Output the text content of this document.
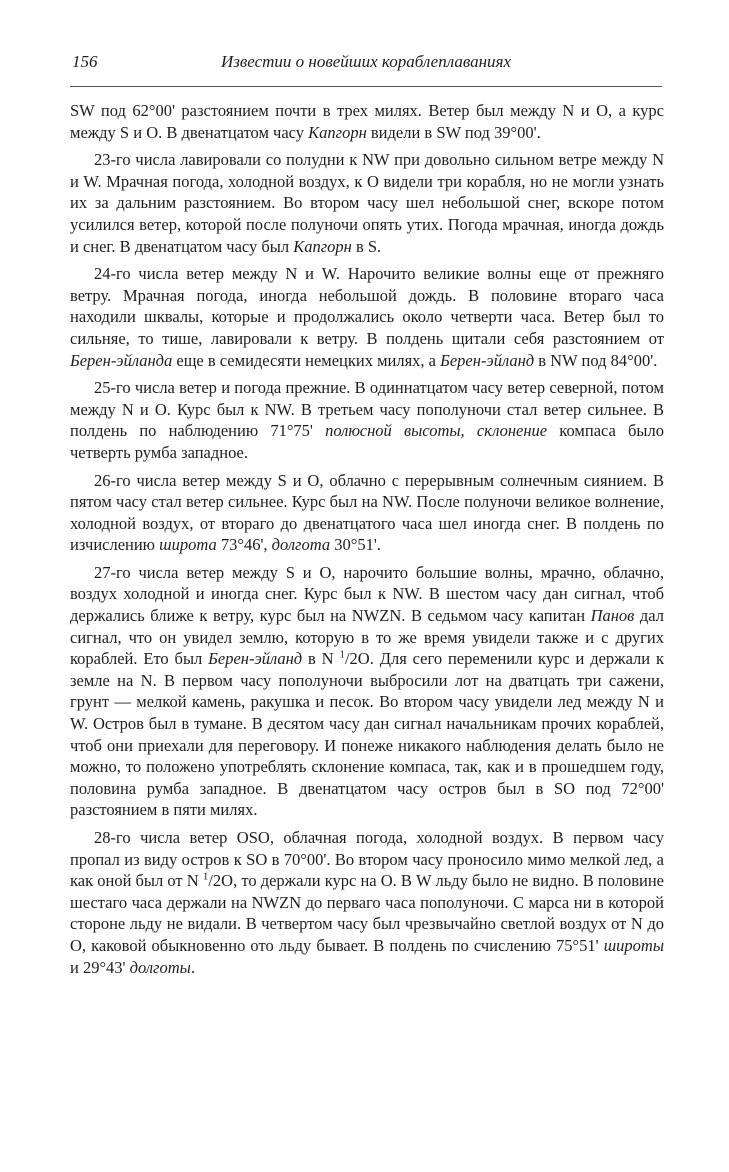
156	Известии о новейших кораблеплаваниях

SW под 62°00' разстоянием почти в трех милях. Ветер был между N и O, а курс между S и O. В двенатцатом часу Капгорн видели в SW под 39°00'.

23-го числа лавировали со полудни к NW при довольно сильном ветре между N и W. Мрачная погода, холодной воздух, к O видели три корабля, но не могли узнать их за дальним разстоянием. Во втором часу шел небольшой снег, вскоре потом усилился ветер, которой после полуночи опять утих. Погода мрачная, иногда дождь и снег. В двенатцатом часу был Капгорн в S.

24-го числа ветер между N и W. Нарочито великие волны еще от прежняго ветру. Мрачная погода, иногда небольшой дождь. В половине втораго часа находили шквалы, которые и продолжались около четверти часа. Ветер был то сильняе, то тише, лавировали к ветру. В полдень щитали себя разстоянием от Берен-эйланда еще в семидесяти немецких милях, а Берен-эйланд в NW под 84°00'.

25-го числа ветер и погода прежние. В одиннатцатом часу ветер северной, потом между N и O. Курс был к NW. В третьем часу пополуночи стал ветер сильнее. В полдень по наблюдению 71°75' полюсной высоты, склонение компаса было четверть румба западное.

26-го числа ветер между S и O, облачно с перерывным солнечным сиянием. В пятом часу стал ветер сильнее. Курс был на NW. После полуночи великое волнение, холодной воздух, от втораго до двенатцатого часа шел иногда снег. В полдень по изчислению широта 73°46', долгота 30°51'.

27-го числа ветер между S и O, нарочито большие волны, мрачно, облачно, воздух холодной и иногда снег. Курс был к NW. В шестом часу дан сигнал, чтоб держались ближе к ветру, курс был на NWZN. В седьмом часу капитан Панов дал сигнал, что он увидел землю, которую в то же время увидели также и с других кораблей. Ето был Берен-эйланд в N $^1$/2O. Для сего переменили курс и держали к земле на N. В первом часу пополуночи выбросили лот на дватцать три сажени, грунт — мелкой камень, ракушка и песок. Во втором часу увидели лед между N и W. Остров был в тумане. В десятом часу дан сигнал начальникам прочих кораблей, чтоб они приехали для переговору. И понеже никакого наблюдения делать было не можно, то положено употреблять склонение компаса, так, как и в прошедшем году, половина румба западное. В двенатцатом часу остров был в SO под 72°00' разстоянием в пяти милях.

28-го числа ветер OSO, облачная погода, холодной воздух. В первом часу пропал из виду остров к SO в 70°00'. Во втором часу проносило мимо мелкой лед, а как оной был от N $^1$/2O, то держали курс на O. В W льду было не видно. В половине шестаго часа держали на NWZN до перваго часа пополуночи. С марса ни в которой стороне льду не видали. В четвертом часу был чрезвычайно светлой воздух от N до O, каковой обыкновенно ото льду бывает. В полдень по счислению 75°51' широты и 29°43' долготы.
